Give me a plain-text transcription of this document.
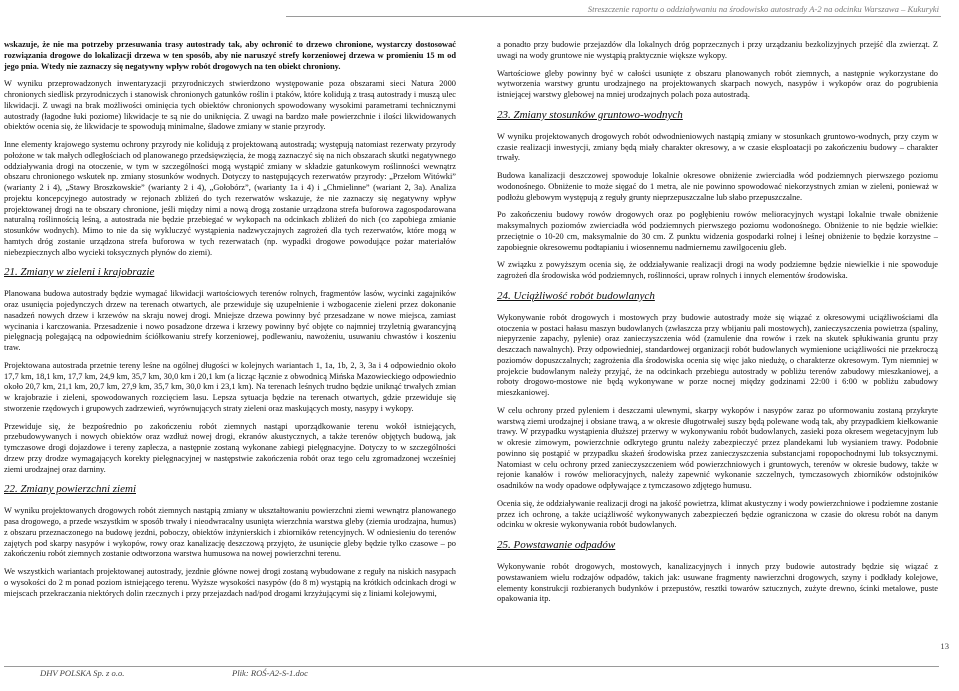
Streszczenie raportu o oddziaływaniu na środowisko autostrady A-2 na odcinku Warszawa – Kukuryki

wskazuje, że nie ma potrzeby przesuwania trasy autostrady tak, aby ochronić to drzewo chronione, wystarczy dostosować rozwiązania drogowe do lokalizacji drzewa w ten sposób, aby nie naruszyć strefy korzeniowej drzewa w promieniu 15 m od jego pnia. Wtedy nie zaznaczy się negatywny wpływ robót drogowych na ten obiekt chroniony.

W wyniku przeprowadzonych inwentaryzacji przyrodniczych stwierdzono występowanie poza obszarami sieci Natura 2000 chronionych siedlisk przyrodniczych i stanowisk chronionych gatunków roślin i ptaków, które kolidują z trasą autostrady i muszą ulec likwidacji. Z uwagi na brak możliwości ominięcia tych obiektów chronionych spowodowany wysokimi parametrami technicznymi autostrady (łagodne łuki poziome) likwidacje te są nie do uniknięcia. Z uwagi na bardzo małe powierzchnie i ilości likwidowanych obiektów ocenia się, że likwidacje te spowodują minimalne, śladowe zmiany w stanie przyrody.

Inne elementy krajowego systemu ochrony przyrody nie kolidują z projektowaną autostradą; występują natomiast rezerwaty przyrody położone w tak małych odległościach od planowanego przedsięwzięcia, że mogą zaznaczyć się na nich obszarach skutki negatywnego oddziaływania drogi na otoczenie, w tym w szczególności mogą wystąpić zmiany w składzie gatunkowym roślinności wewnątrz obszaru chronionego wskutek np. zmiany stosunków wodnych. Dotyczy to następujących rezerwatów przyrody: „Przełom Witówki” (warianty 2 i 4), „Stawy Broszkowskie” (warianty 2 i 4), „Gołobórz”, (warianty 1a i 4) i „Chmielinne” (wariant 2, 3a). Analiza projektu koncepcyjnego autostrady w rejonach zbliżeń do tych rezerwatów wskazuje, że nie zaznaczy się negatywny wpływ projektowanej drogi na te obszary chronione, jeśli między nimi a nową drogą zostanie urządzona strefa buforowa zagospodarowana naturalną roślinnością leśną, a autostrada nie będzie przebiegać w wykopach na odcinkach zbliżeń do nich (co zapobiega zmianie stosunków wodnych). Mimo to nie da się wykluczyć wystąpienia nadzwyczajnych zagrożeń dla tych rezerwatów, które mogą w hamtych dróg zostanie urządzona strefa buforowa w tych rezerwatach (np. wypadki drogowe powodujące pożar materiałów niebezpiecznych albo wycieki toksycznych płynów do ziemi).

21. Zmiany w zieleni i krajobrazie

Planowana budowa autostrady będzie wymagać likwidacji wartościowych terenów rolnych, fragmentów lasów, wycinki zagajników oraz usunięcia pojedynczych drzew na terenach otwartych, ale przewiduje się uzupełnienie i wzbogacenie zieleni przez dokonanie nasadzeń nowych drzew i krzewów na skraju nowej drogi. Mniejsze drzewa powinny być przesadzane w nowe miejsca, zamiast wycinania i karczowania. Przesadzenie i nowo posadzone drzewa i krzewy powinny być objęte co najmniej trzyletnią gwarancyjną pielęgnacją polegającą na odpowiednim ściółkowaniu strefy korzeniowej, podlewaniu, nawożeniu, usuwaniu chwastów i koszeniu traw.

Projektowana autostrada przetnie tereny leśne na ogólnej długości w kolejnych wariantach 1, 1a, 1b, 2, 3, 3a i 4 odpowiednio około 17,7 km, 18,1 km, 17,7 km, 24,9 km, 35,7 km, 30,0 km i 20,1 km (a licząc łącznie z obwodnicą Mińska Mazowieckiego odpowiednio około 20,7 km, 21,1 km, 20,7 km, 27,9 km, 35,7 km, 30,0 km i 23,1 km). Na terenach leśnych trudno będzie uniknąć trwałych zmian w krajobrazie i zieleni, spowodowanych rozcięciem lasu. Lepsza sytuacja będzie na terenach otwartych, gdzie przewiduje się stworzenie rzędowych i grupowych zadrzewień, wyrównujących straty zieleni oraz maskujących mosty, nasypy i wykopy.

Przewiduje się, że bezpośrednio po zakończeniu robót ziemnych nastąpi uporządkowanie terenu wokół istniejących, przebudowywanych i nowych obiektów oraz wzdłuż nowej drogi, ekranów akustycznych, a także terenów objętych budową, jak tymczasowe drogi dojazdowe i tereny zaplecza, a następnie zostaną wykonane zabiegi pielęgnacyjne. Dotyczy to w szczególności drzew przy drodze wymagających korekty pielęgnacyjnej w następstwie zakończenia robót oraz tego celu zgromadzonej wcześniej ziemi urodzajnej oraz darniny.

22. Zmiany powierzchni ziemi

W wyniku projektowanych drogowych robót ziemnych nastąpią zmiany w ukształtowaniu powierzchni ziemi wewnątrz planowanego pasa drogowego, a przede wszystkim w sposób trwały i nieodwracalny usunięta wierzchnia warstwa gleby (ziemia urodzajna, humus) z obszaru przeznaczonego na budowę jezdni, poboczy, obiektów inżynierskich i zbiorników retencyjnych. W odniesieniu do terenów zajętych pod skarpy nasypów i wykopów, rowy oraz kanalizację deszczową przyjęto, że usunięcie gleby będzie tylko czasowe – po zakończeniu robót ziemnych zostanie odtworzona warstwa humusowa na nowej powierzchni terenu.

We wszystkich wariantach projektowanej autostrady, jezdnie główne nowej drogi zostaną wybudowane z reguły na niskich nasypach o wysokości do 2 m ponad poziom istniejącego terenu. Wyższe wysokości nasypów (do 8 m) wystąpią na krótkich odcinkach drogi w miejscach przekraczania niektórych dolin rzecznych i przy przejazdach nad/pod drogami krzyżującymi się z liniami kolejowymi,

a ponadto przy budowie przejazdów dla lokalnych dróg poprzecznych i przy urządzaniu bezkolizyjnych przejść dla zwierząt. Z uwagi na wody gruntowe nie wystąpią praktycznie większe wykopy.

Wartościowe gleby powinny być w całości usunięte z obszaru planowanych robót ziemnych, a następnie wykorzystane do wytworzenia warstwy gruntu urodzajnego na projektowanych skarpach nowych, nasypów i wykopów oraz do pogrubienia istniejącej warstwy glebowej na mniej urodzajnych polach poza autostradą.

23. Zmiany stosunków gruntowo-wodnych

W wyniku projektowanych drogowych robót odwodnieniowych nastąpią zmiany w stosunkach gruntowo-wodnych, przy czym w czasie realizacji inwestycji, zmiany będą miały charakter okresowy, a w czasie eksploatacji po zakończeniu budowy – charakter trwały.

Budowa kanalizacji deszczowej spowoduje lokalnie okresowe obniżenie zwierciadła wód podziemnych pierwszego poziomu wodonośnego. Obniżenie to może sięgać do 1 metra, ale nie powinno spowodować niekorzystnych zmian w zieleni, ponieważ w podłożu glebowym występują z reguły grunty nieprzepuszczalne lub słabo przepuszczalne.

Po zakończeniu budowy rowów drogowych oraz po pogłębieniu rowów melioracyjnych wystąpi lokalnie trwałe obniżenie maksymalnych poziomów zwierciadła wód podziemnych pierwszego poziomu wodonośnego. Obniżenie to nie będzie wielkie: przeciętnie o 10-20 cm, maksymalnie do 30 cm. Z punktu widzenia gospodarki rolnej i leśnej obniżenie to będzie korzystne – zapobiegnie okresowemu podtapianiu i wiosennemu nadmiernemu zawilgoceniu gleb.

W związku z powyższym ocenia się, że oddziaływanie realizacji drogi na wody podziemne będzie niewielkie i nie spowoduje zagrożeń dla środowiska wód podziemnych, roślinności, upraw rolnych i innych elementów środowiska.

24. Uciążliwość robót budowlanych

Wykonywanie robót drogowych i mostowych przy budowie autostrady może się wiązać z okresowymi uciążliwościami dla otoczenia w postaci hałasu maszyn budowlanych (zwłaszcza przy wbijaniu pali mostowych), zanieczyszczenia powietrza (spaliny, niepyrzenie zapachy, pylenie) oraz zanieczyszczenia wód (zamulenie dna rowów i rzek na skutek spłukiwania gruntu przy deszczach nawalnych). Przy odpowiedniej, standardowej organizacji robót budowlanych wymienione uciążliwości nie przekroczą poziomów dopuszczalnych; zagrożenia dla środowiska ocenia się więc jako niedużę, o charakterze okresowym. Tym niemniej w projekcie budowlanym należy przyjąć, że na odcinkach przebiegu autostrady w pobliżu terenów zabudowy mieszkaniowej, a roboty drogowo-mostowe nie będą wykonywane w porze nocnej między godzinami 22:00 i 6:00 w pobliżu zabudowy mieszkaniowej.

W celu ochrony przed pyleniem i deszczami ulewnymi, skarpy wykopów i nasypów zaraz po uformowaniu zostaną przykryte warstwą ziemi urodzajnej i obsiane trawą, a w okresie długotrwałej suszy będą polewane wodą tak, aby przypadkiem kiełkowanie trawy. W przypadku wystąpienia dłuższej przerwy w wykonywaniu robót budowlanych, zasieki poza okresem wegetacyjnym lub w okresie zimowym, powierzchnie odkrytego gruntu należy zabezpieczyć przez plandekami lub wysianiem trawy. Podobnie powinno się postąpić w przypadku skażeń środowiska przez zanieczyszczenia substancjami ropopochodnymi lub toksycznymi. Natomiast w celu ochrony przed zanieczyszczeniem wód powierzchniowych i gruntowych, terenów w okresie budowy, także w rejonie kanałów i rowów melioracyjnych, należy zapewnić wykonanie szczelnych, tymczasowych zbiorników odstojników osadników na wody opadowe odpływające z tymczasowo zdjętego humusu.

Ocenia się, że oddziaływanie realizacji drogi na jakość powietrza, klimat akustyczny i wody powierzchniowe i podziemne zostanie przez ich ochronę, a także uciążliwość wykonywanych zabezpieczeń będzie ograniczona w czasie do okresu robót na danym odcinku w okresie wykonywania robót budowlanych.

25. Powstawanie odpadów

Wykonywanie robót drogowych, mostowych, kanalizacyjnych i innych przy budowie autostrady będzie się wiązać z powstawaniem wielu rodzajów odpadów, takich jak: usuwane fragmenty nawierzchni drogowych, szyny i podkłady kolejowe, elementy konstrukcji rozbieranych budynków i przepustów, resztki towarów sztucznych, zużyte drewno, ścinki metalowe, puste opakowania itp.

13
DHV POLSKA Sp. z o.o.	Plik: ROŚ-A2-S-1.doc
